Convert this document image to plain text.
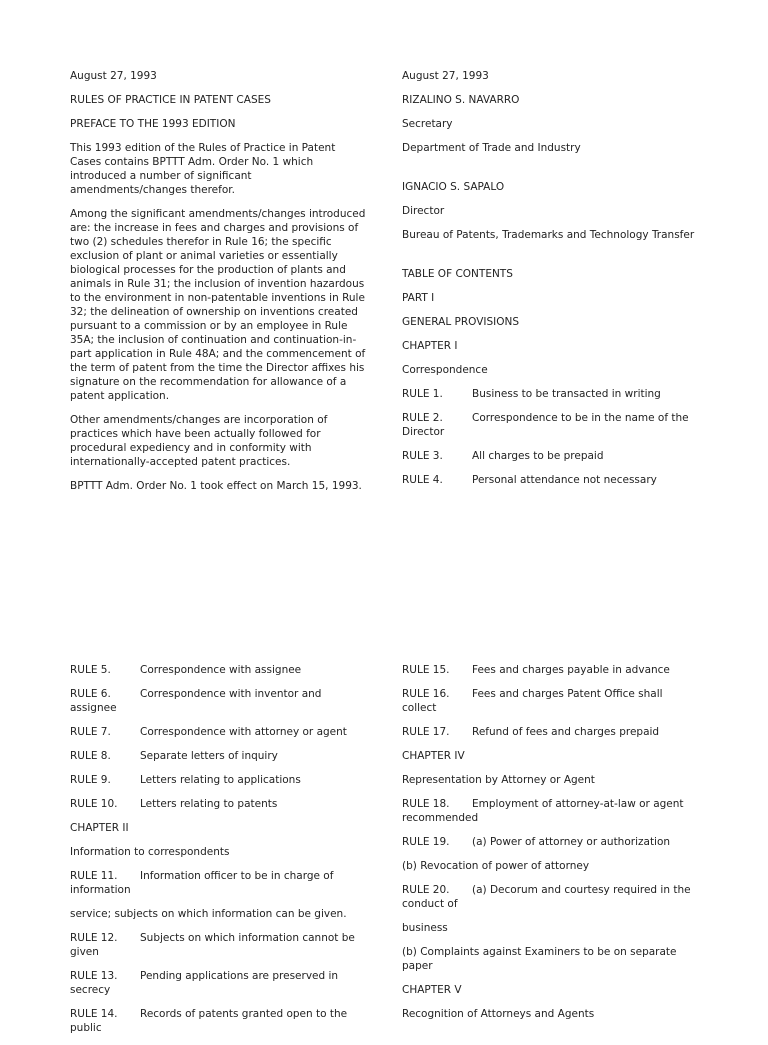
August 27, 1993

RULES OF PRACTICE IN PATENT CASES

PREFACE TO THE 1993 EDITION

This 1993 edition of the Rules of Practice in Patent Cases contains BPTTT Adm. Order No. 1 which introduced a number of significant amendments/changes therefor.

Among the significant amendments/changes introduced are: the increase in fees and charges and provisions of two (2) schedules therefor in Rule 16; the specific exclusion of plant or animal varieties or essentially biological processes for the production of plants and animals in Rule 31; the inclusion of invention hazardous to the environment in non-patentable inventions in Rule 32; the delineation of ownership on inventions created pursuant to a commission or by an employee in Rule 35A; the inclusion of continuation and continuation-in-part application in Rule 48A; and the commencement of the term of patent from the time the Director affixes his signature on the recommendation for allowance of a patent application.

Other amendments/changes are incorporation of practices which have been actually followed for procedural expediency and in conformity with internationally-accepted patent practices.

BPTTT Adm. Order No. 1 took effect on March 15, 1993.

August 27, 1993

RIZALINO S. NAVARRO

Secretary

Department of Trade and Industry

IGNACIO S. SAPALO

Director

Bureau of Patents, Trademarks and Technology Transfer

TABLE OF CONTENTS

PART I

GENERAL PROVISIONS

CHAPTER I

Correspondence

RULE 1.	Business to be transacted in writing
RULE 2.	Correspondence to be in the name of the Director
RULE 3.	All charges to be prepaid
RULE 4.	Personal attendance not necessary
RULE 5.	Correspondence with assignee
RULE 6.	Correspondence with inventor and assignee
RULE 7.	Correspondence with attorney or agent
RULE 8.	Separate letters of inquiry
RULE 9.	Letters relating to applications
RULE 10. Letters relating to patents

CHAPTER II

Information to correspondents

RULE 11. Information officer to be in charge of information

service; subjects on which information can be given.

RULE 12. Subjects on which information cannot be given
RULE 13. Pending applications are preserved in secrecy
RULE 14. Records of patents granted open to the public
RULE 15. Fees and charges payable in advance
RULE 16. Fees and charges Patent Office shall collect
RULE 17. Refund of fees and charges prepaid

CHAPTER IV

Representation by Attorney or Agent

RULE 18. Employment of attorney-at-law or agent recommended
RULE 19. (a) Power of attorney or authorization

(b) Revocation of power of attorney

RULE 20. (a) Decorum and courtesy required in the conduct of

business

(b) Complaints against Examiners to be on separate paper

CHAPTER V

Recognition of Attorneys and Agents
